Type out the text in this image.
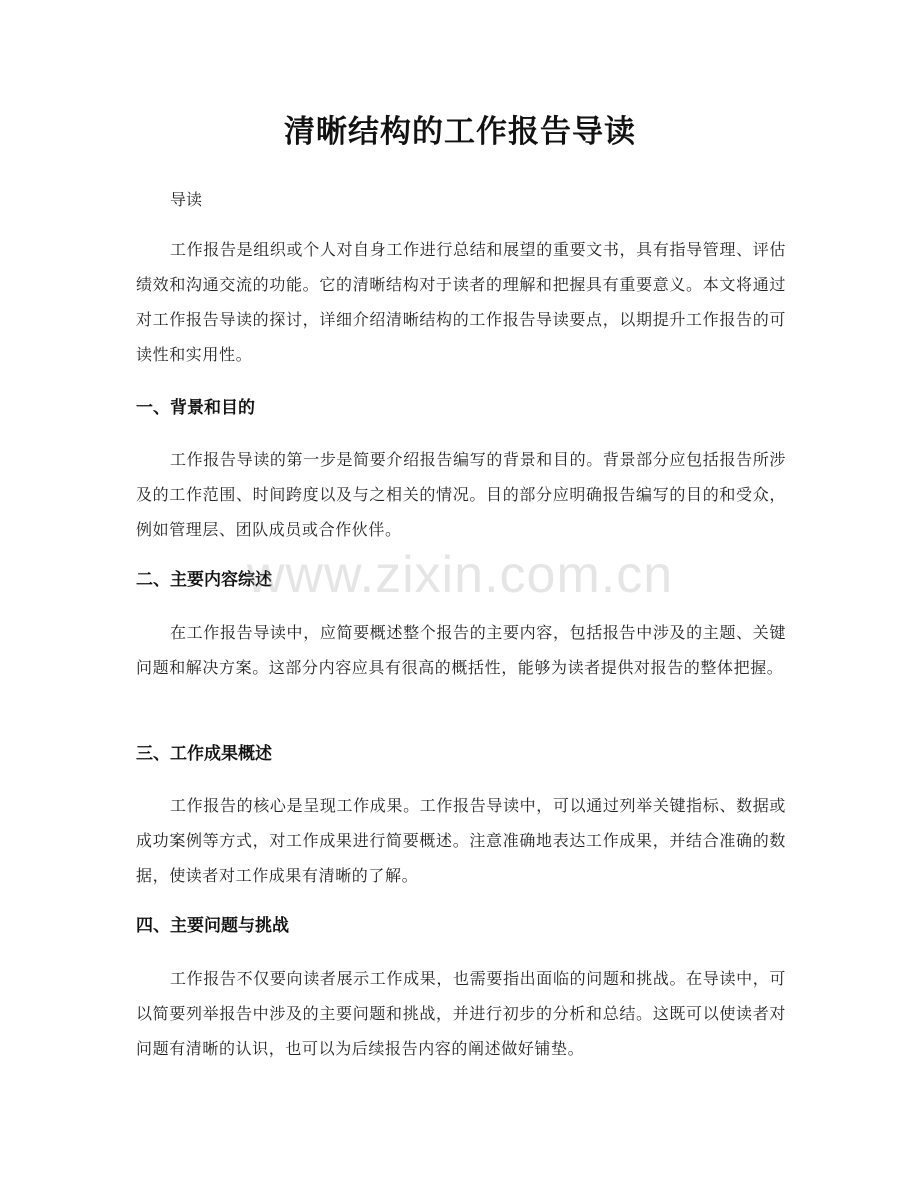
清晰结构的工作报告导读

导读

工作报告是组织或个人对自身工作进行总结和展望的重要文书，具有指导管理、评估绩效和沟通交流的功能。它的清晰结构对于读者的理解和把握具有重要意义。本文将通过对工作报告导读的探讨，详细介绍清晰结构的工作报告导读要点，以期提升工作报告的可读性和实用性。

一、背景和目的

工作报告导读的第一步是简要介绍报告编写的背景和目的。背景部分应包括报告所涉及的工作范围、时间跨度以及与之相关的情况。目的部分应明确报告编写的目的和受众，例如管理层、团队成员或合作伙伴。

二、主要内容综述

在工作报告导读中，应简要概述整个报告的主要内容，包括报告中涉及的主题、关键问题和解决方案。这部分内容应具有很高的概括性，能够为读者提供对报告的整体把握。

三、工作成果概述

工作报告的核心是呈现工作成果。工作报告导读中，可以通过列举关键指标、数据或成功案例等方式，对工作成果进行简要概述。注意准确地表达工作成果，并结合准确的数据，使读者对工作成果有清晰的了解。

四、主要问题与挑战

工作报告不仅要向读者展示工作成果，也需要指出面临的问题和挑战。在导读中，可以简要列举报告中涉及的主要问题和挑战，并进行初步的分析和总结。这既可以使读者对问题有清晰的认识，也可以为后续报告内容的阐述做好铺垫。

www.zixin.com.cn
